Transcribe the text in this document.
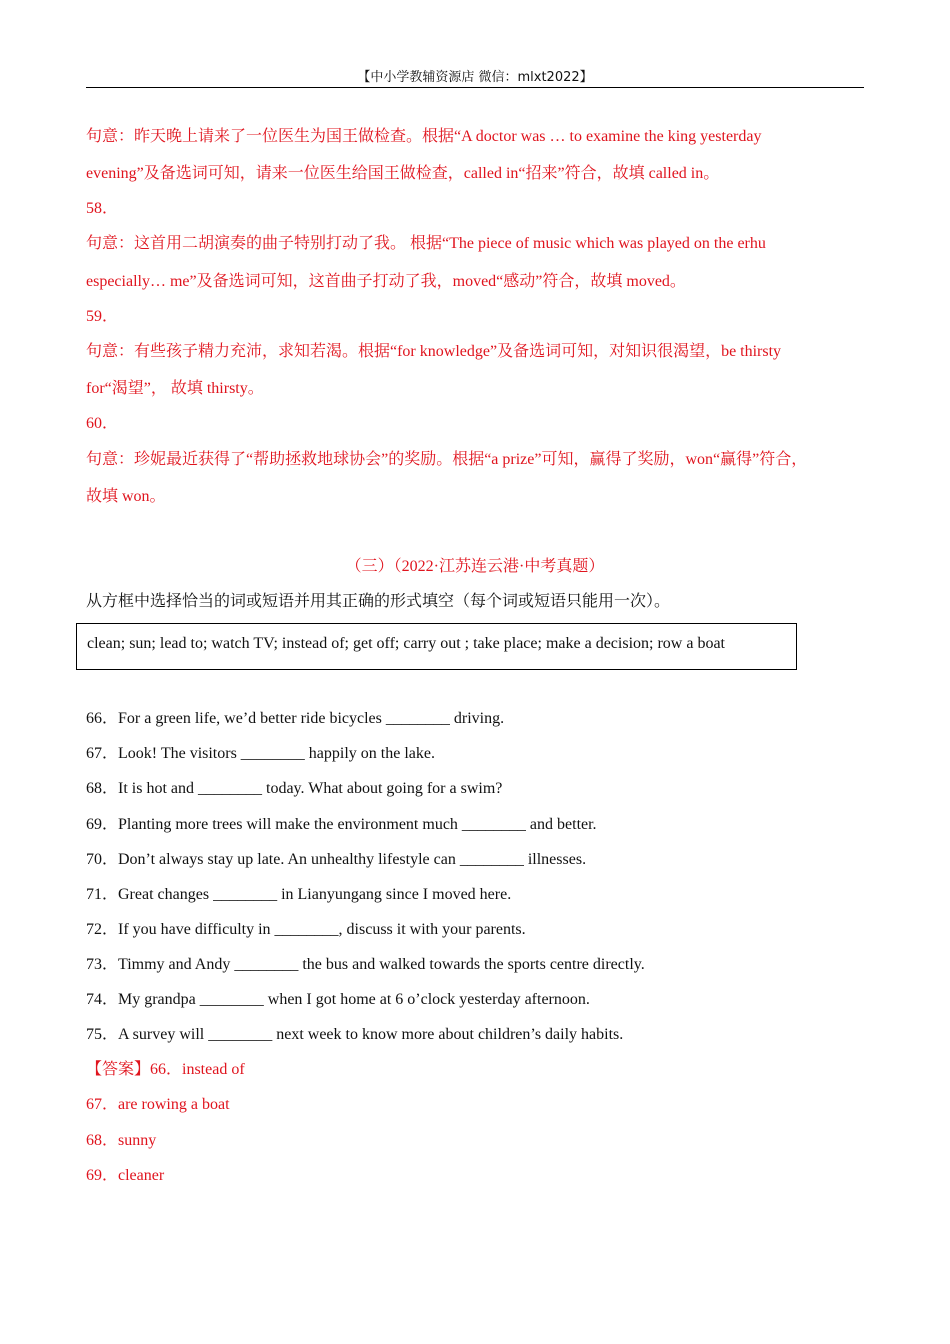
【中小学教辅资源店 微信：mlxt2022】
句意：昨天晚上请来了一位医生为国王做检查。根据“A doctor was … to examine the king yesterday
evening”及备选词可知，请来一位医生给国王做检查，called in“招来”符合，故填 called in。
58．
句意：这首用二胡演奏的曲子特别打动了我。 根据“The piece of music which was played on the erhu
especially… me”及备选词可知，这首曲子打动了我，moved“感动”符合，故填 moved。
59．
句意：有些孩子精力充沛，求知若渴。根据“for knowledge”及备选词可知，对知识很渴望，be thirsty
for“渴望”， 故填 thirsty。
60．
句意：珍妮最近获得了“帮助拯救地球协会”的奖励。根据“a prize”可知，赢得了奖励，won“赢得”符合，
故填 won。
（三）（2022·江苏连云港·中考真题）
从方框中选择恰当的词或短语并用其正确的形式填空（每个词或短语只能用一次）。
clean; sun; lead to; watch TV; instead of; get off; carry out ; take place; make a decision; row a boat
66．For a green life, we’d better ride bicycles ________ driving.
67．Look! The visitors ________ happily on the lake.
68．It is hot and ________ today. What about going for a swim?
69．Planting more trees will make the environment much ________ and better.
70．Don’t always stay up late. An unhealthy lifestyle can ________ illnesses.
71．Great changes ________ in Lianyungang since I moved here.
72．If you have difficulty in ________, discuss it with your parents.
73．Timmy and Andy ________ the bus and walked towards the sports centre directly.
74．My grandpa ________ when I got home at 6 o’clock yesterday afternoon.
75．A survey will ________ next week to know more about children’s daily habits.
【答案】66．instead of
67．are rowing a boat
68．sunny
69．cleaner
